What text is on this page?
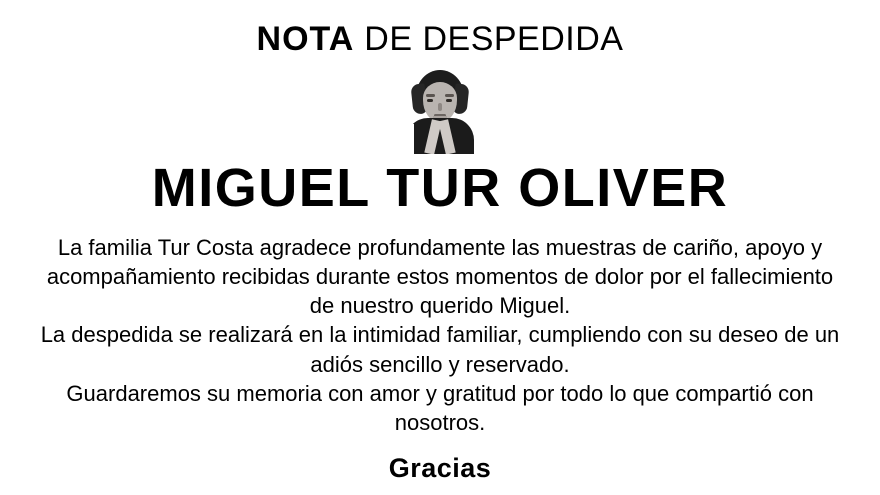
NOTA DE DESPEDIDA
MIGUEL TUR OLIVER

La familia Tur Costa agradece profundamente las muestras de cariño, apoyo y acompañamiento recibidas durante estos momentos de dolor por el fallecimiento de nuestro querido Miguel.

La despedida se realizará en la intimidad familiar, cumpliendo con su deseo de un adiós sencillo y reservado.

Guardaremos su memoria con amor y gratitud por todo lo que compartió con nosotros.

Gracias
